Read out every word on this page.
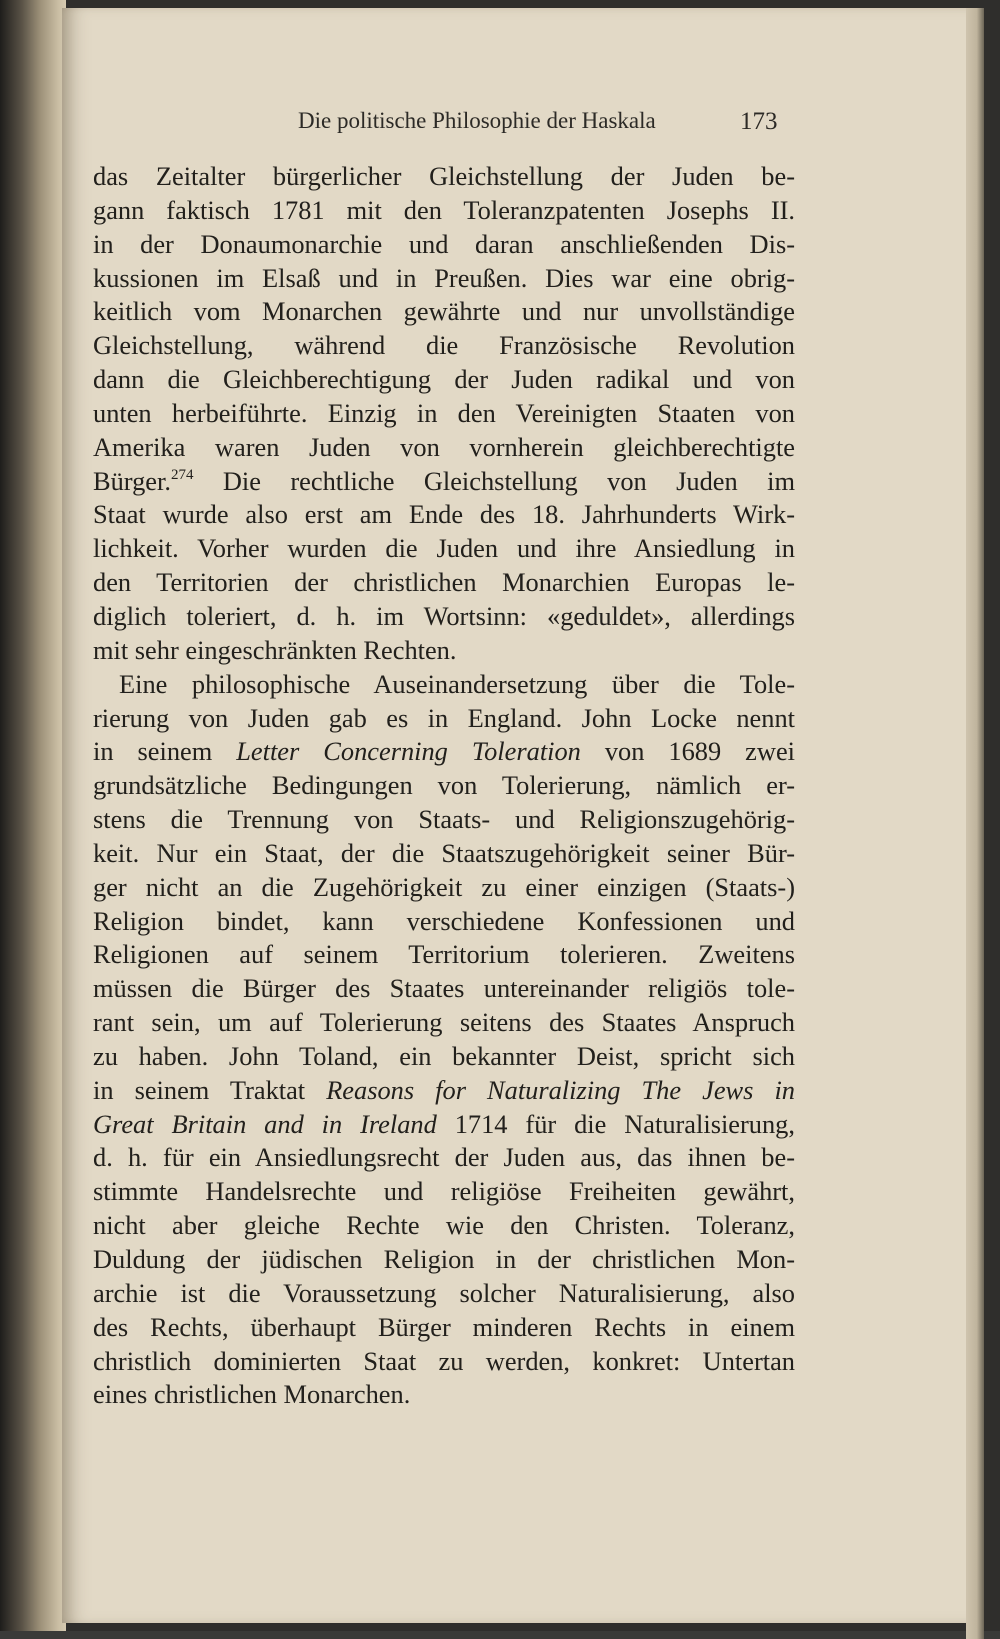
Die politische Philosophie der Haskala	173
das Zeitalter bürgerlicher Gleichstellung der Juden be-
gann faktisch 1781 mit den Toleranzpatenten Josephs II.
in der Donaumonarchie und daran anschließenden Dis-
kussionen im Elsaß und in Preußen. Dies war eine obrig-
keitlich vom Monarchen gewährte und nur unvollständige
Gleichstellung, während die Französische Revolution
dann die Gleichberechtigung der Juden radikal und von
unten herbeiführte. Einzig in den Vereinigten Staaten von
Amerika waren Juden von vornherein gleichberechtigte
Bürger.$^{274}$ Die rechtliche Gleichstellung von Juden im
Staat wurde also erst am Ende des 18. Jahrhunderts Wirk-
lichkeit. Vorher wurden die Juden und ihre Ansiedlung in
den Territorien der christlichen Monarchien Europas le-
diglich toleriert, d. h. im Wortsinn: «geduldet», allerdings
mit sehr eingeschränkten Rechten.
Eine philosophische Auseinandersetzung über die Tole-
rierung von Juden gab es in England. John Locke nennt
in seinem Letter Concerning Toleration von 1689 zwei
grundsätzliche Bedingungen von Tolerierung, nämlich er-
stens die Trennung von Staats- und Religionszugehörig-
keit. Nur ein Staat, der die Staatszugehörigkeit seiner Bür-
ger nicht an die Zugehörigkeit zu einer einzigen (Staats-)
Religion bindet, kann verschiedene Konfessionen und
Religionen auf seinem Territorium tolerieren. Zweitens
müssen die Bürger des Staates untereinander religiös tole-
rant sein, um auf Tolerierung seitens des Staates Anspruch
zu haben. John Toland, ein bekannter Deist, spricht sich
in seinem Traktat Reasons for Naturalizing The Jews in
Great Britain and in Ireland 1714 für die Naturalisierung,
d. h. für ein Ansiedlungsrecht der Juden aus, das ihnen be-
stimmte Handelsrechte und religiöse Freiheiten gewährt,
nicht aber gleiche Rechte wie den Christen. Toleranz,
Duldung der jüdischen Religion in der christlichen Mon-
archie ist die Voraussetzung solcher Naturalisierung, also
des Rechts, überhaupt Bürger minderen Rechts in einem
christlich dominierten Staat zu werden, konkret: Untertan
eines christlichen Monarchen.
